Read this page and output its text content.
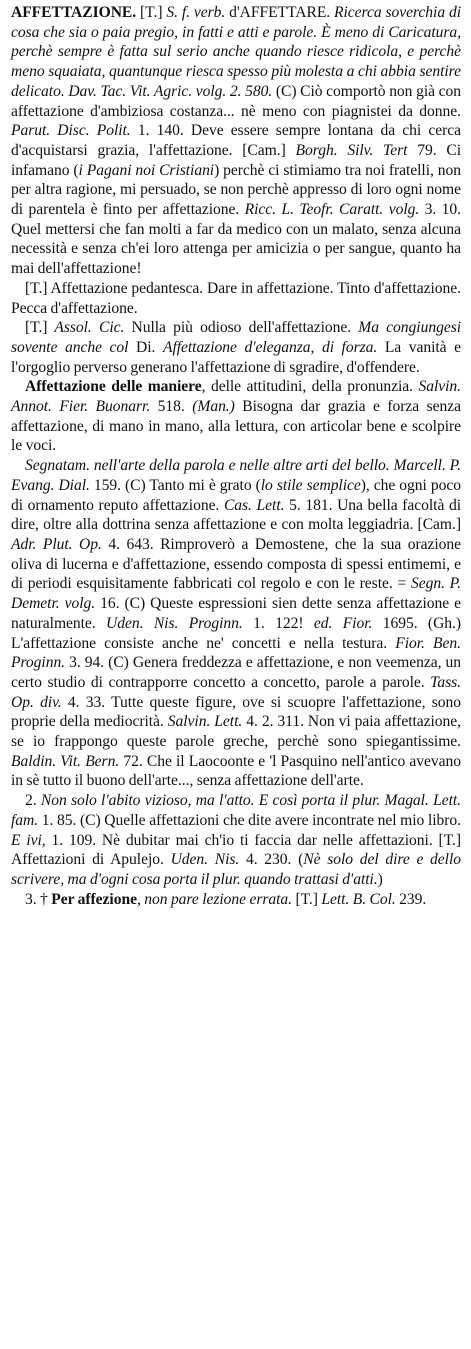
AFFETTAZIONE. [T.] S. f. verb. d'AFFETTARE. Ricerca soverchia di cosa che sia o paia pregio, in fatti e atti e parole. È meno di Caricatura, perchè sempre è fatta sul serio anche quando riesce ridicola, e perchè meno squaiata, quantunque riesca spesso più molesta a chi abbia sentire delicato. Dav. Tac. Vit. Agric. volg. 2. 580. (C) Ciò comportò non già con affettazione d'ambiziosa costanza... nè meno con piagnistei da donne. Parut. Disc. Polit. 1. 140. Deve essere sempre lontana da chi cerca d'acquistarsi grazia, l'affettazione. [Cam.] Borgh. Silv. Tert 79. Ci infamano (i Pagani noi Cristiani) perchè ci stimiamo tra noi fratelli, non per altra ragione, mi persuado, se non perchè appresso di loro ogni nome di parentela è finto per affettazione. Ricc. L. Teofr. Caratt. volg. 3. 10. Quel mettersi che fan molti a far da medico con un malato, senza alcuna necessità e senza ch'ei loro attenga per amicizia o per sangue, quanto ha mai dell'affettazione!

[T.] Affettazione pedantesca. Dare in affettazione. Tinto d'affettazione. Pecca d'affettazione.

[T.] Assol. Cic. Nulla più odioso dell'affettazione. Ma congiungesi sovente anche col Di. Affettazione d'eleganza, di forza. La vanità e l'orgoglio perverso generano l'affettazione di sgradire, d'offendere.

Affettazione delle maniere, delle attitudini, della pronunzia. Salvin. Annot. Fier. Buonarr. 518. (Man.) Bisogna dar grazia e forza senza affettazione, di mano in mano, alla lettura, con articolar bene e scolpire le voci.

Segnatam. nell'arte della parola e nelle altre arti del bello. Marcell. P. Evang. Dial. 159. (C) Tanto mi è grato (lo stile semplice), che ogni poco di ornamento reputo affettazione. Cas. Lett. 5. 181. Una bella facoltà di dire, oltre alla dottrina senza affettazione e con molta leggiadria. [Cam.] Adr. Plut. Op. 4. 643. Rimproverò a Demostene, che la sua orazione oliva di lucerna e d'affettazione, essendo composta di spessi entimemi, e di periodi esquisitamente fabbricati col regolo e con le reste. = Segn. P. Demetr. volg. 16. (C) Queste espressioni sien dette senza affettazione e naturalmente. Uden. Nis. Proginn. 1. 122! ed. Fior. 1695. (Gh.) L'affettazione consiste anche ne' concetti e nella testura. Fior. Ben. Proginn. 3. 94. (C) Genera freddezza e affettazione, e non veemenza, un certo studio di contrapporre concetto a concetto, parole a parole. Tass. Op. div. 4. 33. Tutte queste figure, ove si scuopre l'affettazione, sono proprie della mediocrità. Salvin. Lett. 4. 2. 311. Non vi paia affettazione, se io frappongo queste parole greche, perchè sono spiegantissime. Baldin. Vit. Bern. 72. Che il Laocoonte e 'l Pasquino nell'antico avevano in sè tutto il buono dell'arte..., senza affettazione dell'arte.

2. Non solo l'abito vizioso, ma l'atto. E così porta il plur. Magal. Lett. fam. 1. 85. (C) Quelle affettazioni che dite avere incontrate nel mio libro. E ivi, 1. 109. Nè dubitar mai ch'io ti faccia dar nelle affettazioni. [T.] Affettazioni di Apulejo. Uden. Nis. 4. 230. (Nè solo del dire e dello scrivere, ma d'ogni cosa porta il plur. quando trattasi d'atti.)

3. † Per affezione, non pare lezione errata. [T.] Lett. B. Col. 239.
